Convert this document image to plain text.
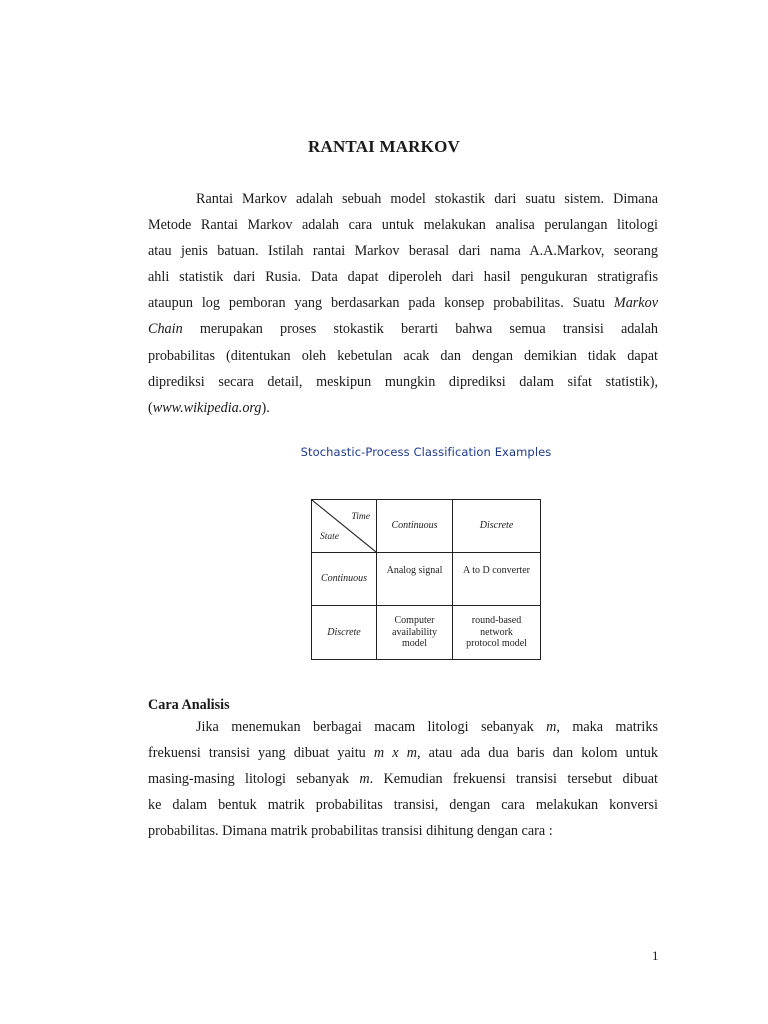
RANTAI MARKOV
Rantai Markov adalah sebuah model stokastik dari suatu sistem. Dimana
Metode Rantai Markov adalah cara untuk melakukan analisa perulangan litologi
atau jenis batuan. Istilah rantai Markov berasal dari nama A.A.Markov, seorang
ahli statistik dari Rusia. Data dapat diperoleh dari hasil pengukuran stratigrafis
ataupun log pemboran yang berdasarkan pada konsep probabilitas. Suatu Markov
Chain merupakan proses stokastik berarti bahwa semua transisi adalah
probabilitas (ditentukan oleh kebetulan acak dan dengan demikian tidak dapat
diprediksi secara detail, meskipun mungkin diprediksi dalam sifat statistik),
(www.wikipedia.org).
Stochastic-Process Classification Examples
Time
State	Continuous	Discrete
Continuous	Analog signal	A to D converter
Discrete	Computer availability model	round-based network protocol model
Cara Analisis
Jika menemukan berbagai macam litologi sebanyak m, maka matriks
frekuensi transisi yang dibuat yaitu m x m, atau ada dua baris dan kolom untuk
masing-masing litologi sebanyak m. Kemudian frekuensi transisi tersebut dibuat
ke dalam bentuk matrik probabilitas transisi, dengan cara melakukan konversi
probabilitas. Dimana matrik probabilitas transisi dihitung dengan cara :
1
